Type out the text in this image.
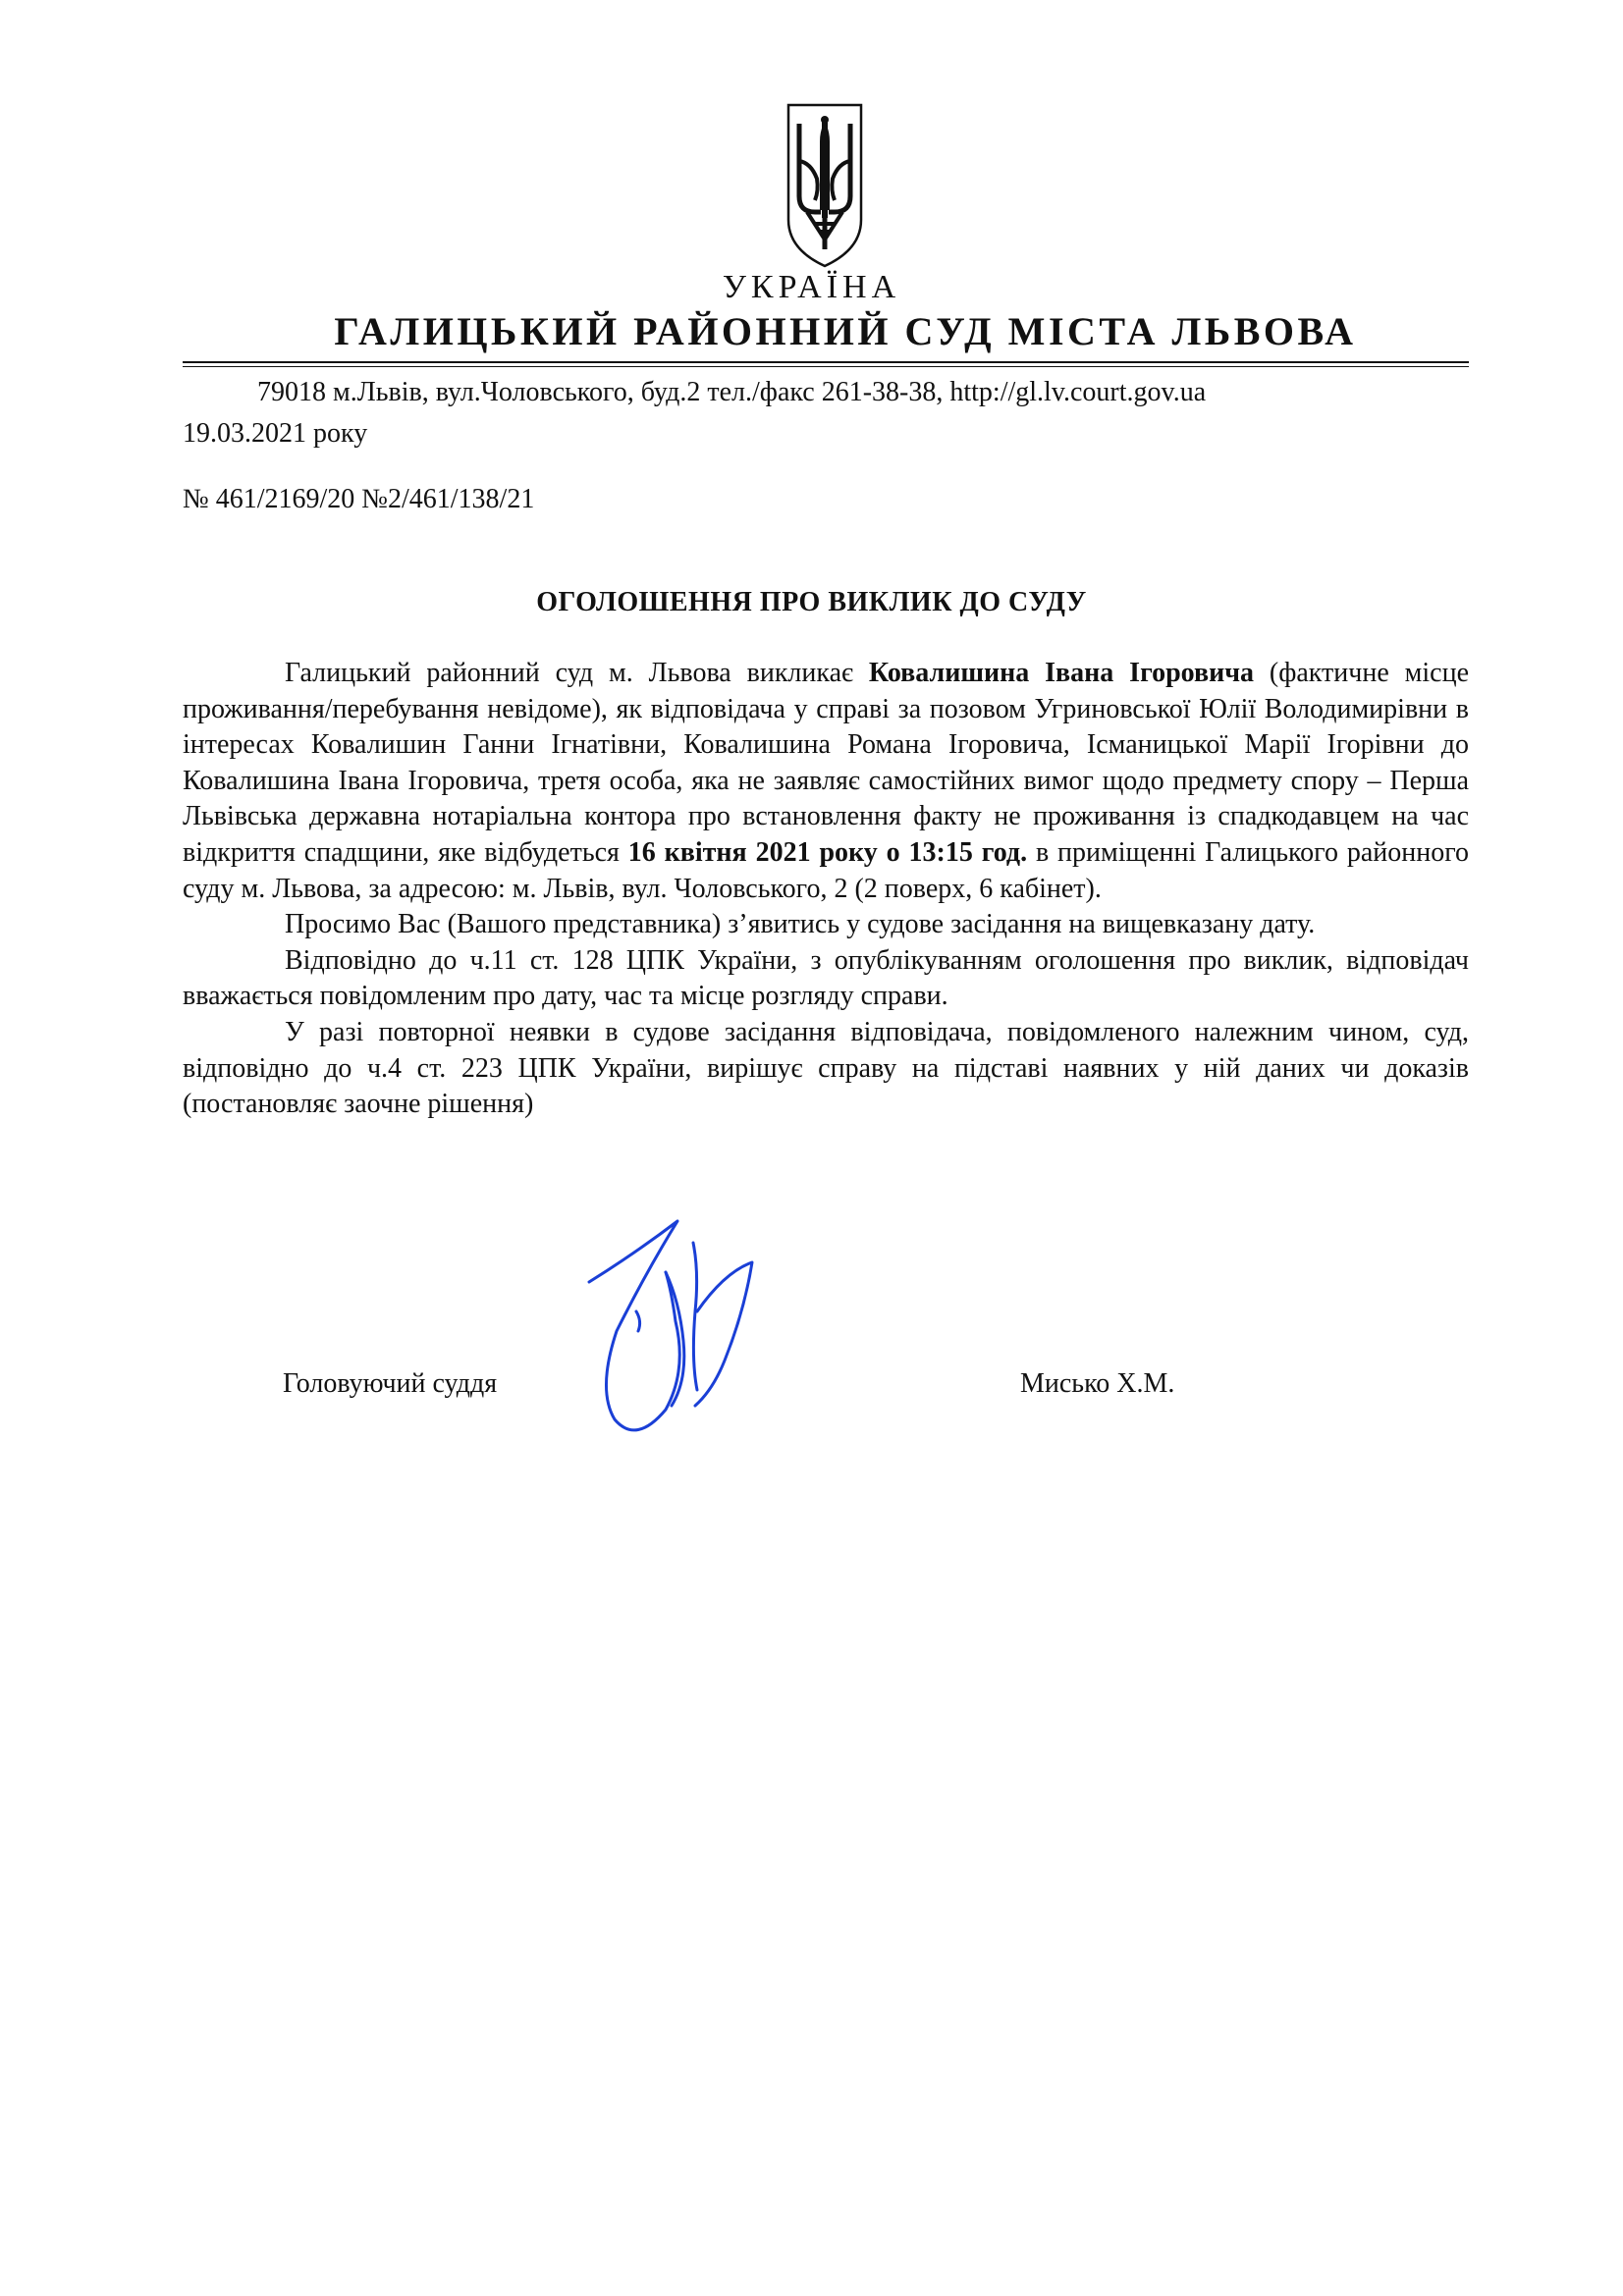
УКРАЇНА
ГАЛИЦЬКИЙ РАЙОННИЙ СУД МІСТА ЛЬВОВА
79018 м.Львів, вул.Чоловського, буд.2 тел./факс 261-38-38, http://gl.lv.court.gov.ua
19.03.2021 року
№ 461/2169/20 №2/461/138/21
ОГОЛОШЕННЯ ПРО ВИКЛИК ДО СУДУ

Галицький районний суд м. Львова викликає Ковалишина Івана Ігоровича (фактичне місце проживання/перебування невідоме), як відповідача у справі за позовом Угриновської Юлії Володимирівни в інтересах Ковалишин Ганни Ігнатівни, Ковалишина Романа Ігоровича, Ісманицької Марії Ігорівни до Ковалишина Івана Ігоровича, третя особа, яка не заявляє самостійних вимог щодо предмету спору – Перша Львівська державна нотаріальна контора про встановлення факту не проживання із спадкодавцем на час відкриття спадщини, яке відбудеться 16 квітня 2021 року о 13:15 год. в приміщенні Галицького районного суду м. Львова, за адресою: м. Львів, вул. Чоловського, 2 (2 поверх, 6 кабінет).

Просимо Вас (Вашого представника) з’явитись у судове засідання на вищевказану дату.

Відповідно до ч.11 ст. 128 ЦПК України, з опублікуванням оголошення про виклик, відповідач вважається повідомленим про дату, час та місце розгляду справи.

У разі повторної неявки в судове засідання відповідача, повідомленого належним чином, суд, відповідно до ч.4 ст. 223 ЦПК України, вирішує справу на підставі наявних у ній даних чи доказів (постановляє заочне рішення)

Головуючий суддя	Мисько Х.М.
